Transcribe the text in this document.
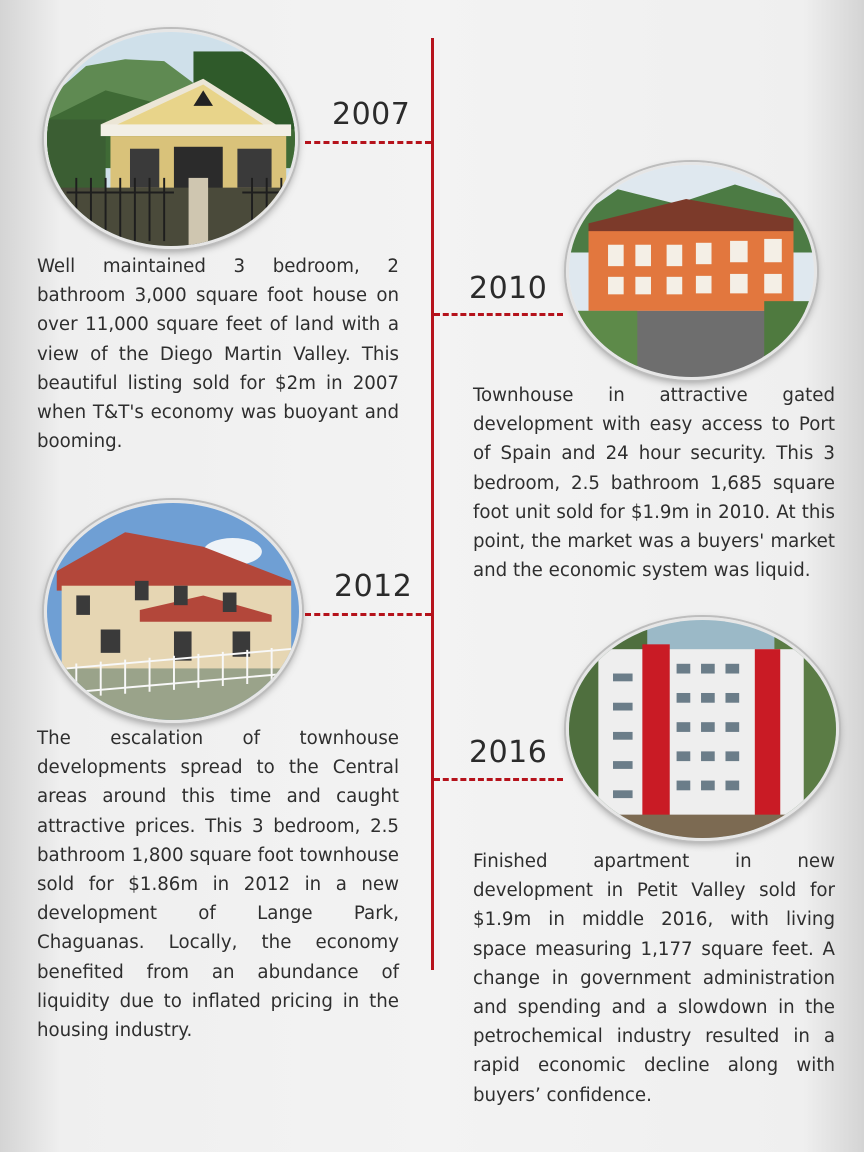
2007

Well maintained 3 bedroom, 2 bathroom 3,000 square foot house on over 11,000 square feet of land with a view of the Diego Martin Valley. This beautiful listing sold for $2m in 2007 when T&T's economy was buoyant and booming.

2010

Townhouse in attractive gated development with easy access to Port of Spain and 24 hour security. This 3 bedroom, 2.5 bathroom 1,685 square foot unit sold for $1.9m in 2010. At this point, the market was a buyers' market and the economic system was liquid.

2012

The escalation of townhouse developments spread to the Central areas around this time and caught attractive prices. This 3 bedroom, 2.5 bathroom 1,800 square foot townhouse sold for $1.86m in 2012 in a new development of Lange Park, Chaguanas. Locally, the economy benefited from an abundance of liquidity due to inflated pricing in the housing industry.

2016

Finished apartment in new development in Petit Valley sold for $1.9m in middle 2016, with living space measuring 1,177 square feet. A change in government administration and spending and a slowdown in the petrochemical industry resulted in a rapid economic decline along with buyers’ confidence.
